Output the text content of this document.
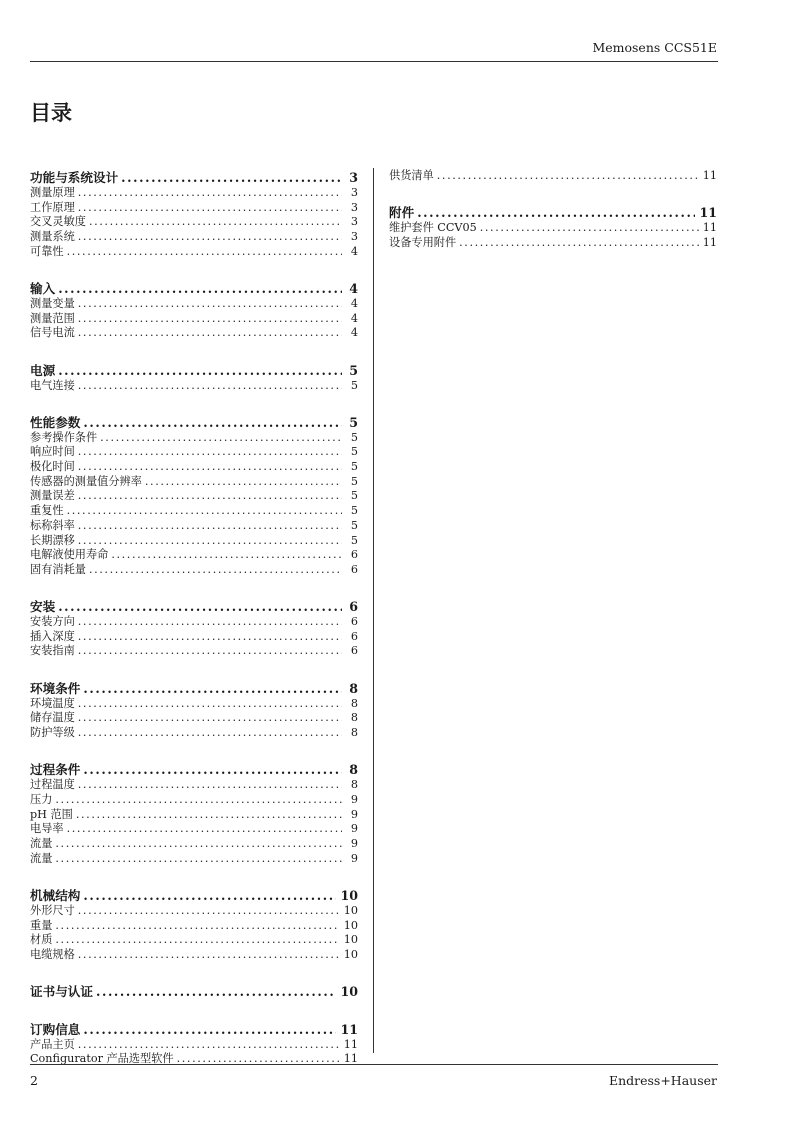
Memosens CCS51E
目录
功能与系统设计 .....	3
测量原理 .....	3
工作原理 .....	3
交叉灵敏度 .....	3
测量系统 .....	3
可靠性 .....	4
输入 .....	4
测量变量 .....	4
测量范围 .....	4
信号电流 .....	4
电源 .....	5
电气连接 .....	5
性能参数 .....	5
参考操作条件 .....	5
响应时间 .....	5
极化时间 .....	5
传感器的测量值分辨率 .....	5
测量误差 .....	5
重复性 .....	5
标称斜率 .....	5
长期漂移 .....	5
电解液使用寿命 .....	6
固有消耗量 .....	6
安装 .....	6
安装方向 .....	6
插入深度 .....	6
安装指南 .....	6
环境条件 .....	8
环境温度 .....	8
储存温度 .....	8
防护等级 .....	8
过程条件 .....	8
过程温度 .....	8
压力 .....	9
pH 范围 .....	9
电导率 .....	9
流量 .....	9
流量 .....	9
机械结构 .....	10
外形尺寸 .....	10
重量 .....	10
材质 .....	10
电缆规格 .....	10
证书与认证 .....	10
订购信息 .....	11
产品主页 .....	11
Configurator 产品选型软件 .....	11
供货清单 .....	11
附件 .....	11
维护套件 CCV05 .....	11
设备专用附件 .....	11
2	Endress+Hauser
